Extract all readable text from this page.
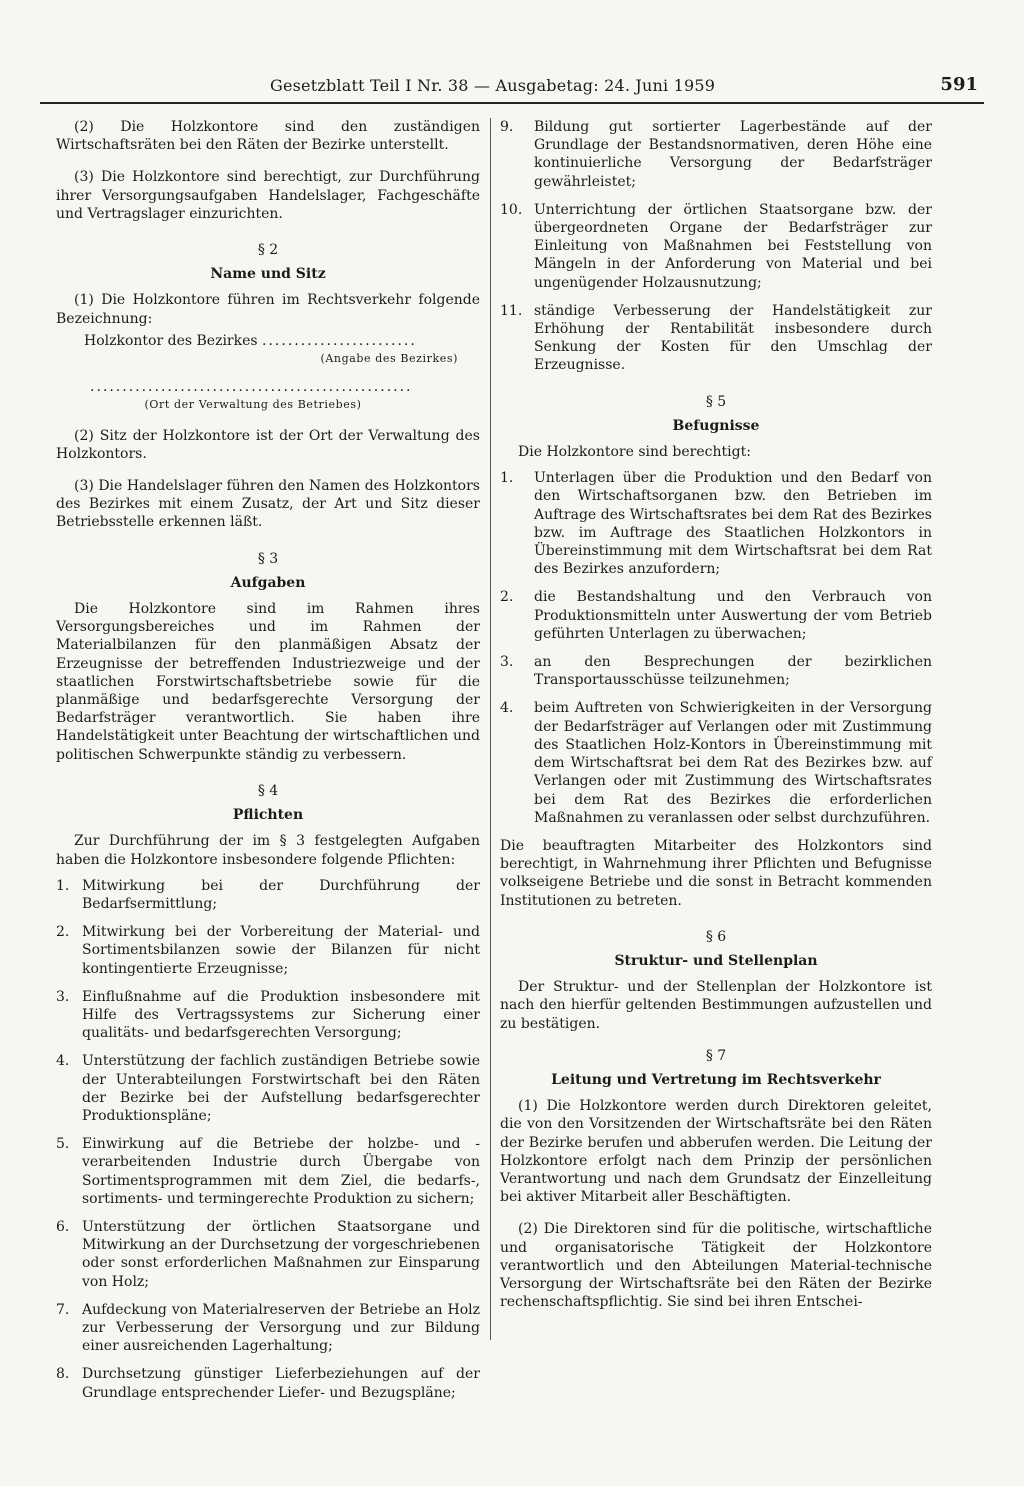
Gesetzblatt Teil I Nr. 38 — Ausgabetag: 24. Juni 1959	591

(2) Die Holzkontore sind den zuständigen Wirtschaftsräten bei den Räten der Bezirke unterstellt.

(3) Die Holzkontore sind berechtigt, zur Durchführung ihrer Versorgungsaufgaben Handelslager, Fachgeschäfte und Vertragslager einzurichten.

§ 2
Name und Sitz

(1) Die Holzkontore führen im Rechtsverkehr folgende Bezeichnung:

Holzkontor des Bezirkes ........................
(Angabe des Bezirkes)
..................................................
(Ort der Verwaltung des Betriebes)

(2) Sitz der Holzkontore ist der Ort der Verwaltung des Holzkontors.

(3) Die Handelslager führen den Namen des Holzkontors des Bezirkes mit einem Zusatz, der Art und Sitz dieser Betriebsstelle erkennen läßt.

§ 3
Aufgaben

Die Holzkontore sind im Rahmen ihres Versorgungsbereiches und im Rahmen der Materialbilanzen für den planmäßigen Absatz der Erzeugnisse der betreffenden Industriezweige und der staatlichen Forstwirtschaftsbetriebe sowie für die planmäßige und bedarfsgerechte Versorgung der Bedarfsträger verantwortlich. Sie haben ihre Handelstätigkeit unter Beachtung der wirtschaftlichen und politischen Schwerpunkte ständig zu verbessern.

§ 4
Pflichten

Zur Durchführung der im § 3 festgelegten Aufgaben haben die Holzkontore insbesondere folgende Pflichten:

1. Mitwirkung bei der Durchführung der Bedarfsermittlung;
2. Mitwirkung bei der Vorbereitung der Material- und Sortimentsbilanzen sowie der Bilanzen für nicht kontingentierte Erzeugnisse;
3. Einflußnahme auf die Produktion insbesondere mit Hilfe des Vertragssystems zur Sicherung einer qualitäts- und bedarfsgerechten Versorgung;
4. Unterstützung der fachlich zuständigen Betriebe sowie der Unterabteilungen Forstwirtschaft bei den Räten der Bezirke bei der Aufstellung bedarfsgerechter Produktionspläne;
5. Einwirkung auf die Betriebe der holzbe- und -verarbeitenden Industrie durch Übergabe von Sortimentsprogrammen mit dem Ziel, die bedarfs-, sortiments- und termingerechte Produktion zu sichern;
6. Unterstützung der örtlichen Staatsorgane und Mitwirkung an der Durchsetzung der vorgeschriebenen oder sonst erforderlichen Maßnahmen zur Einsparung von Holz;
7. Aufdeckung von Materialreserven der Betriebe an Holz zur Verbesserung der Versorgung und zur Bildung einer ausreichenden Lagerhaltung;
8. Durchsetzung günstiger Lieferbeziehungen auf der Grundlage entsprechender Liefer- und Bezugspläne;
9. Bildung gut sortierter Lagerbestände auf der Grundlage der Bestandsnormativen, deren Höhe eine kontinuierliche Versorgung der Bedarfsträger gewährleistet;
10. Unterrichtung der örtlichen Staatsorgane bzw. der übergeordneten Organe der Bedarfsträger zur Einleitung von Maßnahmen bei Feststellung von Mängeln in der Anforderung von Material und bei ungenügender Holzausnutzung;
11. ständige Verbesserung der Handelstätigkeit zur Erhöhung der Rentabilität insbesondere durch Senkung der Kosten für den Umschlag der Erzeugnisse.
§ 5
Befugnisse

Die Holzkontore sind berechtigt:

1. Unterlagen über die Produktion und den Bedarf von den Wirtschaftsorganen bzw. den Betrieben im Auftrage des Wirtschaftsrates bei dem Rat des Bezirkes bzw. im Auftrage des Staatlichen Holzkontors in Übereinstimmung mit dem Wirtschaftsrat bei dem Rat des Bezirkes anzufordern;
2. die Bestandshaltung und den Verbrauch von Produktionsmitteln unter Auswertung der vom Betrieb geführten Unterlagen zu überwachen;
3. an den Besprechungen der bezirklichen Transportausschüsse teilzunehmen;
4. beim Auftreten von Schwierigkeiten in der Versorgung der Bedarfsträger auf Verlangen oder mit Zustimmung des Staatlichen Holz-Kontors in Übereinstimmung mit dem Wirtschaftsrat bei dem Rat des Bezirkes bzw. auf Verlangen oder mit Zustimmung des Wirtschaftsrates bei dem Rat des Bezirkes die erforderlichen Maßnahmen zu veranlassen oder selbst durchzuführen.

Die beauftragten Mitarbeiter des Holzkontors sind berechtigt, in Wahrnehmung ihrer Pflichten und Befugnisse volkseigene Betriebe und die sonst in Betracht kommenden Institutionen zu betreten.

§ 6
Struktur- und Stellenplan

Der Struktur- und der Stellenplan der Holzkontore ist nach den hierfür geltenden Bestimmungen aufzustellen und zu bestätigen.

§ 7
Leitung und Vertretung im Rechtsverkehr

(1) Die Holzkontore werden durch Direktoren geleitet, die von den Vorsitzenden der Wirtschaftsräte bei den Räten der Bezirke berufen und abberufen werden. Die Leitung der Holzkontore erfolgt nach dem Prinzip der persönlichen Verantwortung und nach dem Grundsatz der Einzelleitung bei aktiver Mitarbeit aller Beschäftigten.

(2) Die Direktoren sind für die politische, wirtschaftliche und organisatorische Tätigkeit der Holzkontore verantwortlich und den Abteilungen Material-technische Versorgung der Wirtschaftsräte bei den Räten der Bezirke rechenschaftspflichtig. Sie sind bei ihren Entschei-
